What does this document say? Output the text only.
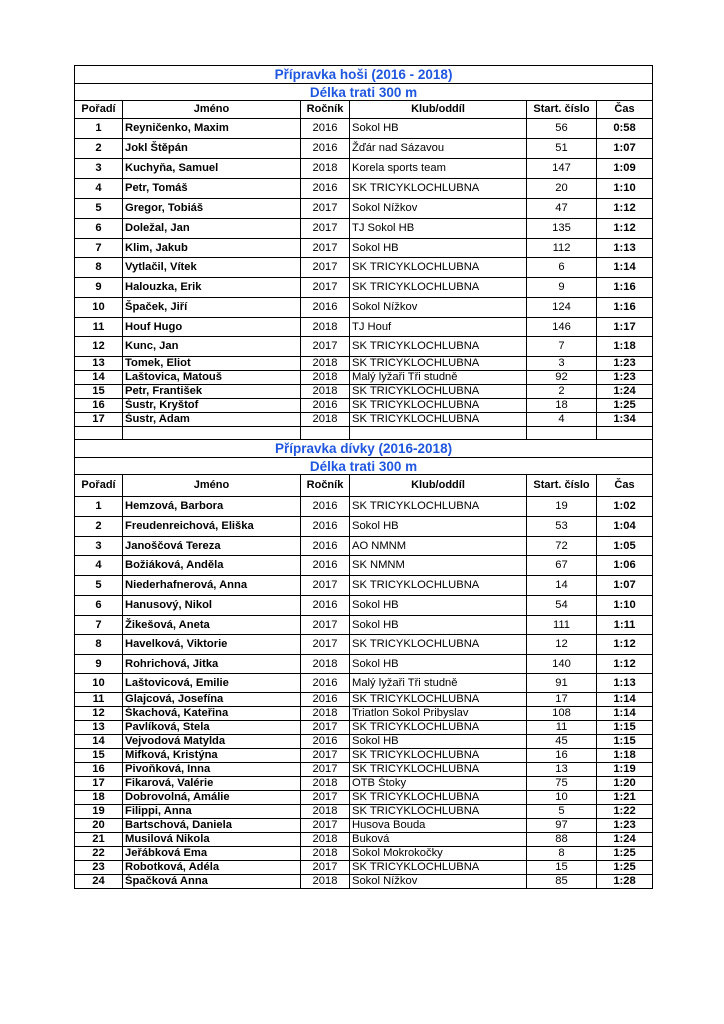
Přípravka hoši (2016 - 2018)					
Délka trati 300 m					
Pořadí	Jméno	Ročník	Klub/oddíl	Start. číslo	Čas
1	Reyničenko, Maxim	2016	Sokol HB	56	0:58
2	Jokl Štěpán	2016	Žďár nad Sázavou	51	1:07
3	Kuchyňa, Samuel	2018	Korela sports team	147	1:09
4	Petr, Tomáš	2016	SK TRICYKLOCHLUBNA	20	1:10
5	Gregor, Tobiáš	2017	Sokol Nížkov	47	1:12
6	Doležal, Jan	2017	TJ Sokol HB	135	1:12
7	Klim, Jakub	2017	Sokol HB	112	1:13
8	Vytlačil, Vítek	2017	SK TRICYKLOCHLUBNA	6	1:14
9	Halouzka, Erik	2017	SK TRICYKLOCHLUBNA	9	1:16
10	Špaček, Jiří	2016	Sokol Nížkov	124	1:16
11	Houf Hugo	2018	TJ Houf	146	1:17
12	Kunc, Jan	2017	SK TRICYKLOCHLUBNA	7	1:18
13	Tomek, Eliot	2018	SK TRICYKLOCHLUBNA	3	1:23
14	Laštovica, Matouš	2018	Malý lyžaři Tři studně	92	1:23
15	Petr, František	2018	SK TRICYKLOCHLUBNA	2	1:24
16	Šustr, Kryštof	2016	SK TRICYKLOCHLUBNA	18	1:25
17	Šustr, Adam	2018	SK TRICYKLOCHLUBNA	4	1:34

Přípravka dívky (2016-2018)					
Délka trati 300 m					
Pořadí	Jméno	Ročník	Klub/oddíl	Start. číslo	Čas
1	Hemzová, Barbora	2016	SK TRICYKLOCHLUBNA	19	1:02
2	Freudenreichová, Eliška	2016	Sokol HB	53	1:04
3	Janoščová Tereza	2016	AO NMNM	72	1:05
4	Božiáková, Anděla	2016	SK NMNM	67	1:06
5	Niederhafnerová, Anna	2017	SK TRICYKLOCHLUBNA	14	1:07
6	Hanusový, Nikol	2016	Sokol HB	54	1:10
7	Žikešová, Aneta	2017	Sokol HB	111	1:11
8	Havelková, Viktorie	2017	SK TRICYKLOCHLUBNA	12	1:12
9	Rohrichová, Jitka	2018	Sokol HB	140	1:12
10	Laštovicová, Emilie	2016	Malý lyžaři Tři studně	91	1:13
11	Glajcová, Josefína	2016	SK TRICYKLOCHLUBNA	17	1:14
12	Škachová, Kateřina	2018	Triatlon Sokol Pribyslav	108	1:14
13	Pavlíková, Stela	2017	SK TRICYKLOCHLUBNA	11	1:15
14	Vejvodová Matylda	2016	Sokol HB	45	1:15
15	Mifková, Kristýna	2017	SK TRICYKLOCHLUBNA	16	1:18
16	Pivoňková, Inna	2017	SK TRICYKLOCHLUBNA	13	1:19
17	Fikarová, Valérie	2018	OTB Štoky	75	1:20
18	Dobrovolná, Amálie	2017	SK TRICYKLOCHLUBNA	10	1:21
19	Filippi, Anna	2018	SK TRICYKLOCHLUBNA	5	1:22
20	Bartschová, Daniela	2017	Husova Bouda	97	1:23
21	Musilová Nikola	2018	Buková	88	1:24
22	Jeřábková Ema	2018	Sokol Mokrokočky	8	1:25
23	Robotková, Adéla	2017	SK TRICYKLOCHLUBNA	15	1:25
24	Špačková Anna	2018	Sokol Nížkov	85	1:28
